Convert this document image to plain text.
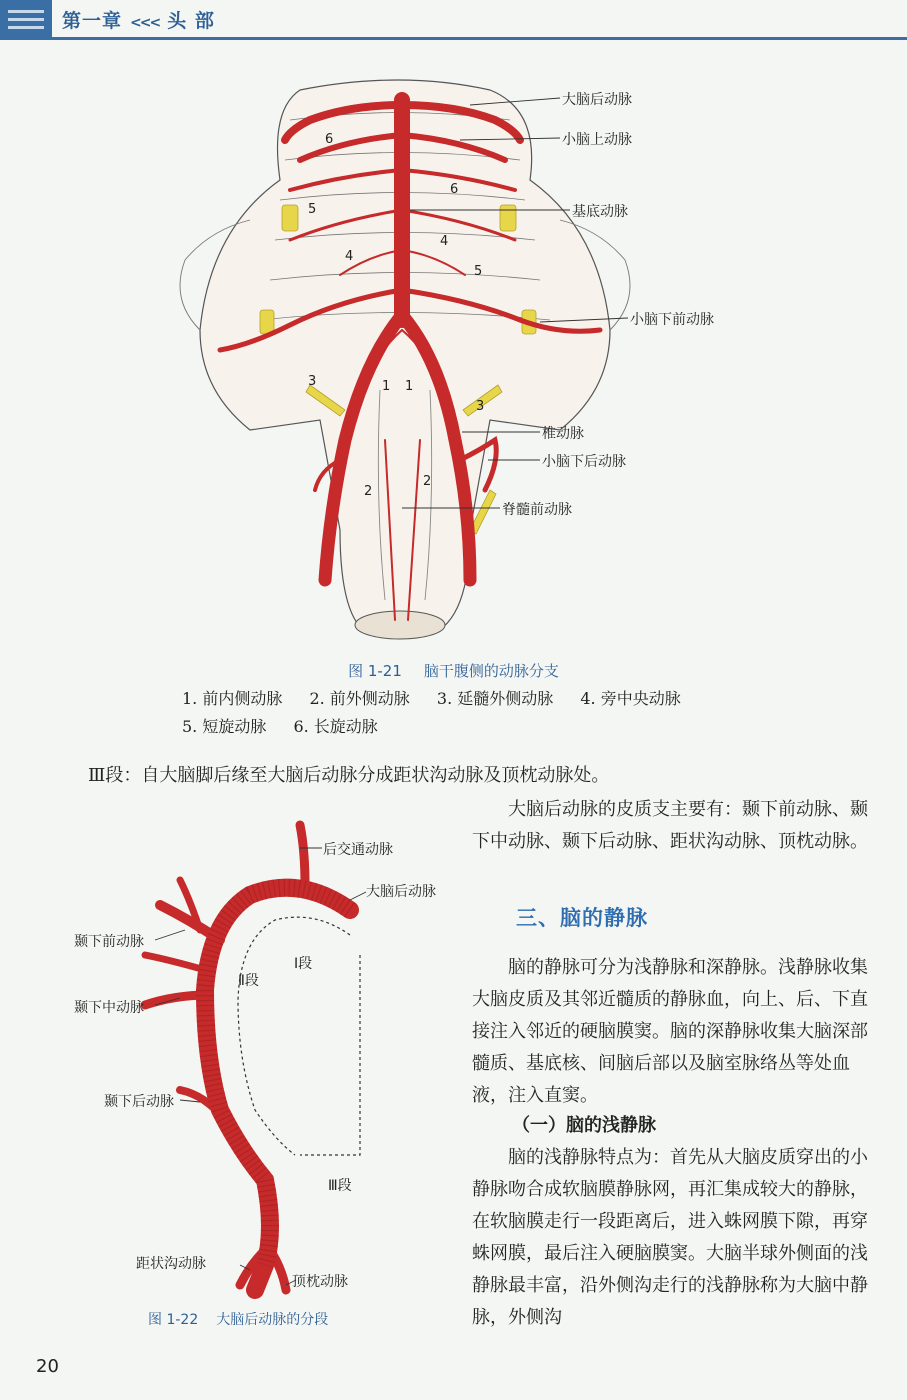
第一章 <<< 头 部
6
6
5
5
4
4
3
3
2
2
1 1
大脑后动脉
小脑上动脉
基底动脉
小脑下前动脉
椎动脉
小脑下后动脉
脊髓前动脉
图 1-21 脑干腹侧的动脉分支
1. 前内侧动脉 2. 前外侧动脉 3. 延髓外侧动脉 4. 旁中央动脉
5. 短旋动脉 6. 长旋动脉

Ⅲ段：自大脑脚后缘至大脑后动脉分成距状沟动脉及顶枕动脉处。

大脑后动脉的皮质支主要有：颞下前动脉、颞下中动脉、颞下后动脉、距状沟动脉、顶枕动脉。

三、脑的静脉

脑的静脉可分为浅静脉和深静脉。浅静脉收集大脑皮质及其邻近髓质的静脉血，向上、后、下直接注入邻近的硬脑膜窦。脑的深静脉收集大脑深部髓质、基底核、间脑后部以及脑室脉络丛等处血液，注入直窦。

（一）脑的浅静脉

脑的浅静脉特点为：首先从大脑皮质穿出的小静脉吻合成软脑膜静脉网，再汇集成较大的静脉，在软脑膜走行一段距离后，进入蛛网膜下隙，再穿蛛网膜，最后注入硬脑膜窦。大脑半球外侧面的浅静脉最丰富，沿外侧沟走行的浅静脉称为大脑中静脉，外侧沟

Ⅱ段
Ⅰ段
Ⅲ段
后交通动脉
大脑后动脉
颞下前动脉
颞下中动脉
颞下后动脉
距状沟动脉
顶枕动脉
图 1-22 大脑后动脉的分段
20
